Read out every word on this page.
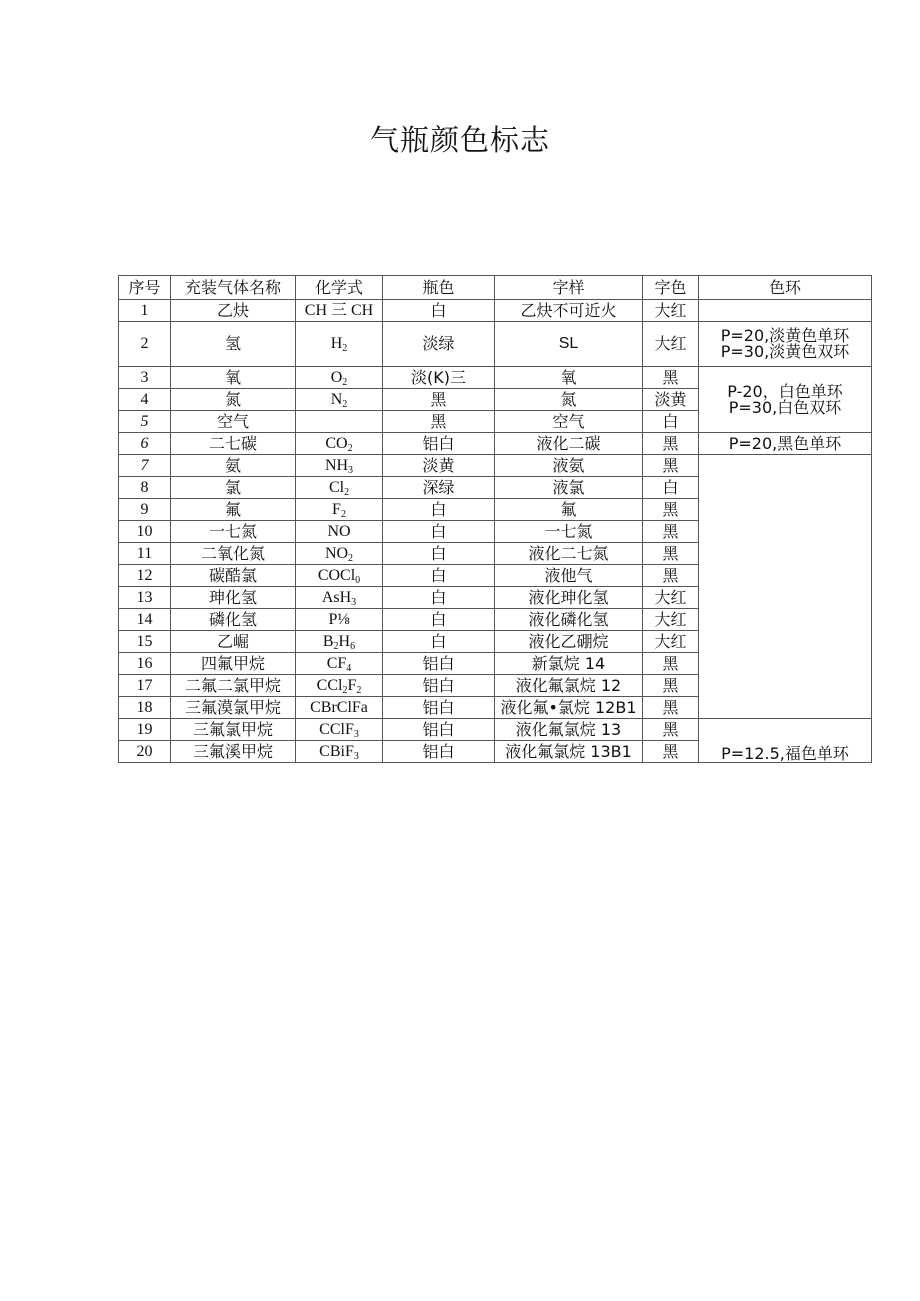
气瓶颜色标志
序号	充装气体名称	化学式	瓶色	字样	字色	色环
1	乙炔	CH 三 CH	白	乙炔不可近火	大红	
2	氢	$H_2$	淡绿	SL	大红	P=20,淡黄色单环
P=30,淡黄色双环

3	氧	$O_2$	淡(K)三	氧	黑	P-20，白色单环
P=30,白色双环

4	氮	$N_2$	黑	氮	淡黄	
5	空气		黑	空气	白	
6	二七碳	$CO_2$	铝白	液化二碳	黑	P=20,黑色单环

7	氨	$NH_3$	淡黄	液氨	黑	
8	氯	$Cl_2$	深绿	液氯	白	
9	氟	$F_2$	白	氟	黑	
10	一七氮	NO	白	一七氮	黑	
11	二氧化氮	$NO_2$	白	液化二七氮	黑	
12	碳酷氯	COCl$_0$	白	液他气	黑	
13	珅化氢	AsH$_3$	白	液化珅化氢	大红	
14	磷化氢	P⅛	白	液化磷化氢	大红	
15	乙崛	$B_2H_6$	白	液化乙硼烷	大红	
16	四氟甲烷	$CF_4$	铝白	新氯烷 14	黑	
17	二氟二氯甲烷	$CCl_2F_2$	铝白	液化氟氯烷 12	黑	
18	三氟漠氯甲烷	CBrClFa	铝白	液化氟•氯烷 12B1	黑	
19	三氟氯甲烷	CClF$_3$	铝白	液化氟氯烷 13	黑	P=12.5,福色单环

20	三氟溪甲烷	CBiF$_3$	铝白	液化氟氯烷 13B1	黑	
